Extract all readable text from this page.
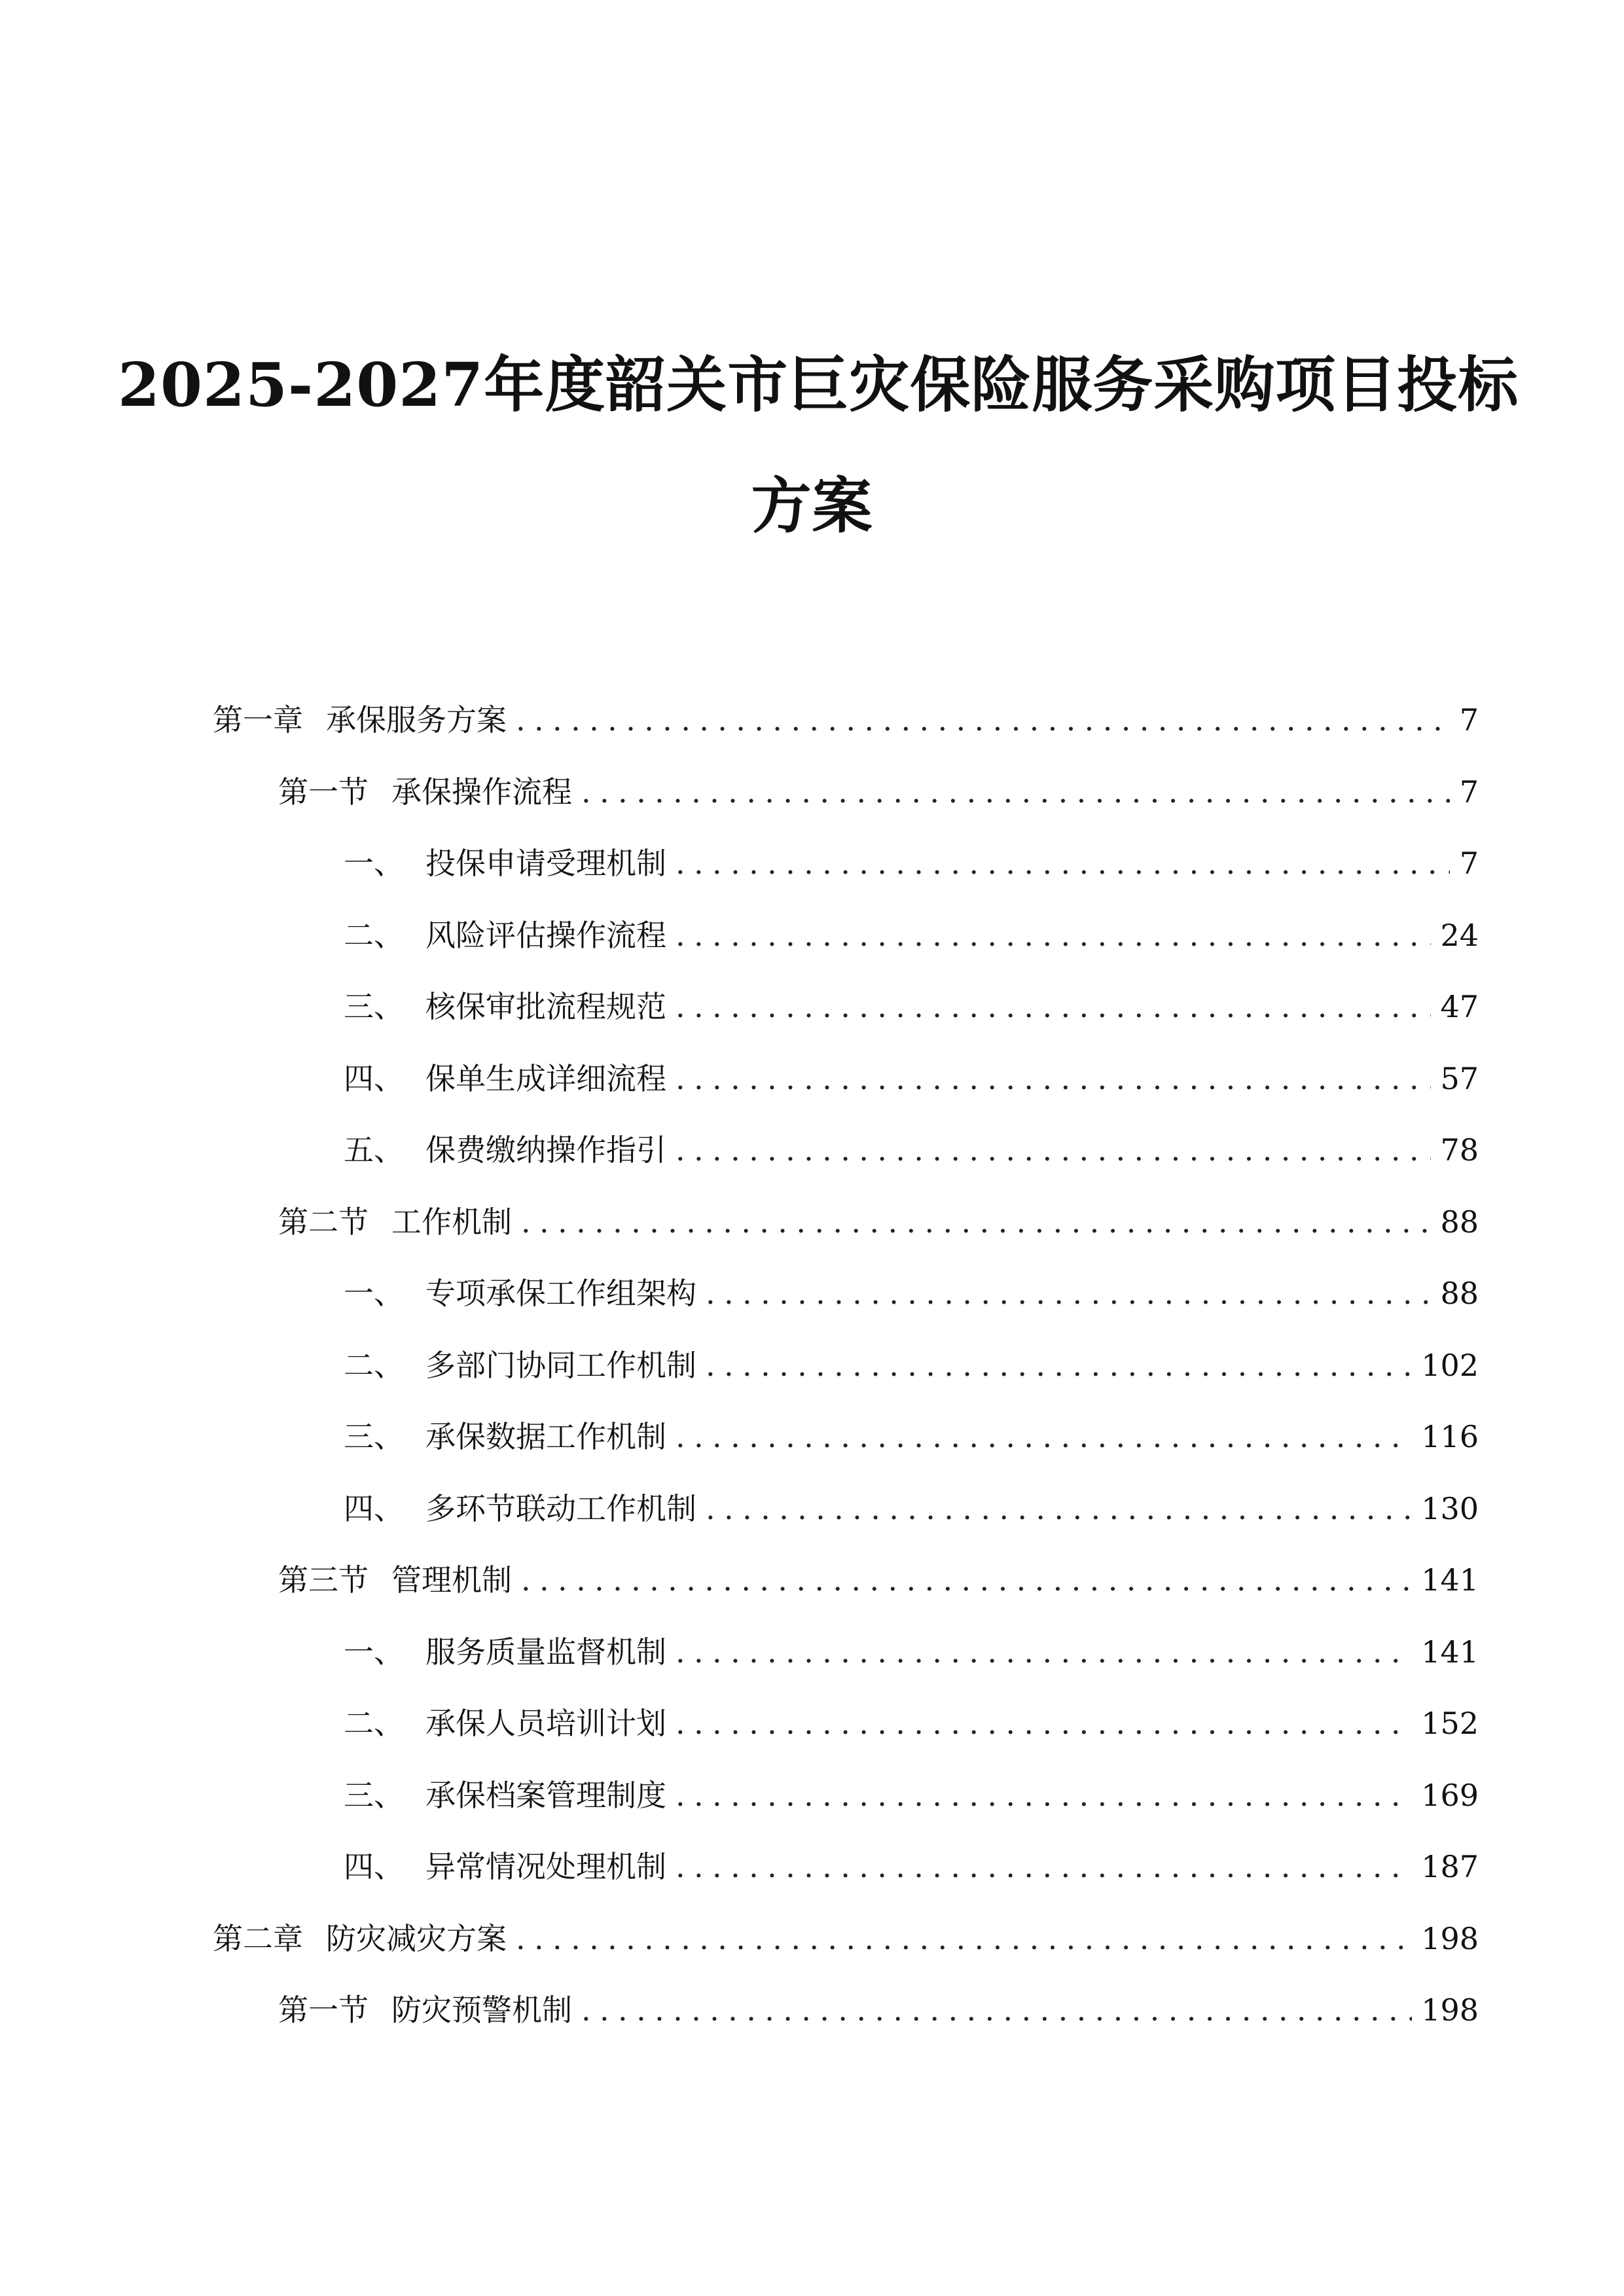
2025-2027年度韶关市巨灾保险服务采购项目投标
方案
第一章 承保服务方案 .....	7
第一节 承保操作流程 .....	7
一、 投保申请受理机制 .....	7
二、 风险评估操作流程 .....	24
三、 核保审批流程规范 .....	47
四、 保单生成详细流程 .....	57
五、 保费缴纳操作指引 .....	78
第二节 工作机制 .....	88
一、 专项承保工作组架构 .....	88
二、 多部门协同工作机制 .....	102
三、 承保数据工作机制 .....	116
四、 多环节联动工作机制 .....	130
第三节 管理机制 .....	141
一、 服务质量监督机制 .....	141
二、 承保人员培训计划 .....	152
三、 承保档案管理制度 .....	169
四、 异常情况处理机制 .....	187
第二章 防灾减灾方案 .....	198
第一节 防灾预警机制 .....	198
